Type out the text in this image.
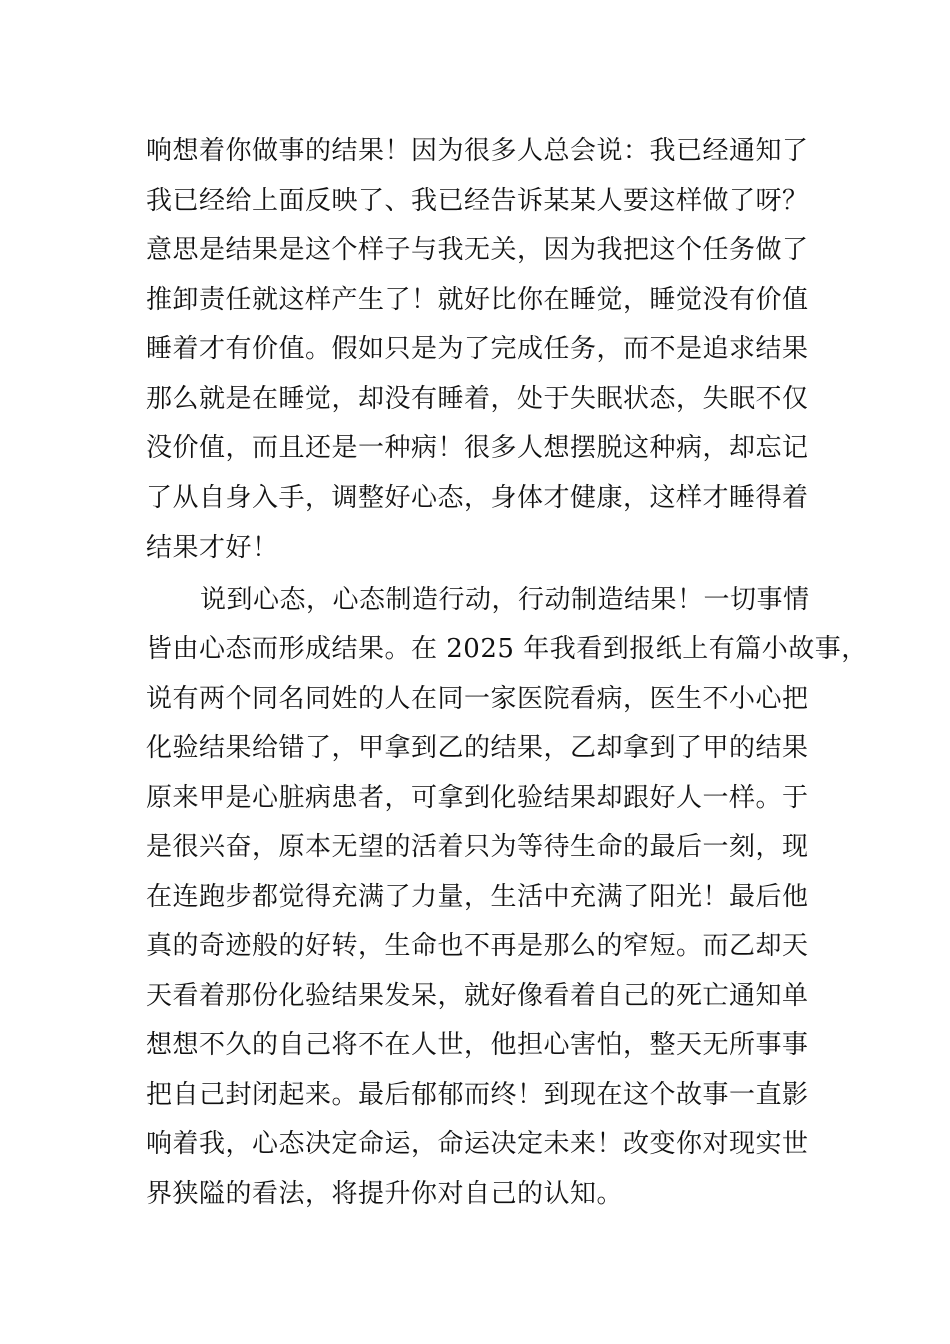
响想着你做事的结果！因为很多人总会说：我已经通知了
我已经给上面反映了、我已经告诉某某人要这样做了呀？
意思是结果是这个样子与我无关，因为我把这个任务做了
推卸责任就这样产生了！就好比你在睡觉，睡觉没有价值
睡着才有价值。假如只是为了完成任务，而不是追求结果
那么就是在睡觉，却没有睡着，处于失眠状态，失眠不仅
没价值，而且还是一种病！很多人想摆脱这种病，却忘记
了从自身入手，调整好心态，身体才健康，这样才睡得着
结果才好！
说到心态，心态制造行动，行动制造结果！一切事情
皆由心态而形成结果。在 2025 年我看到报纸上有篇小故事，
说有两个同名同姓的人在同一家医院看病，医生不小心把
化验结果给错了，甲拿到乙的结果，乙却拿到了甲的结果
原来甲是心脏病患者，可拿到化验结果却跟好人一样。于
是很兴奋，原本无望的活着只为等待生命的最后一刻，现
在连跑步都觉得充满了力量，生活中充满了阳光！最后他
真的奇迹般的好转，生命也不再是那么的窄短。而乙却天
天看着那份化验结果发呆，就好像看着自己的死亡通知单
想想不久的自己将不在人世，他担心害怕，整天无所事事
把自己封闭起来。最后郁郁而终！到现在这个故事一直影
响着我，心态决定命运，命运决定未来！改变你对现实世
界狭隘的看法，将提升你对自己的认知。
